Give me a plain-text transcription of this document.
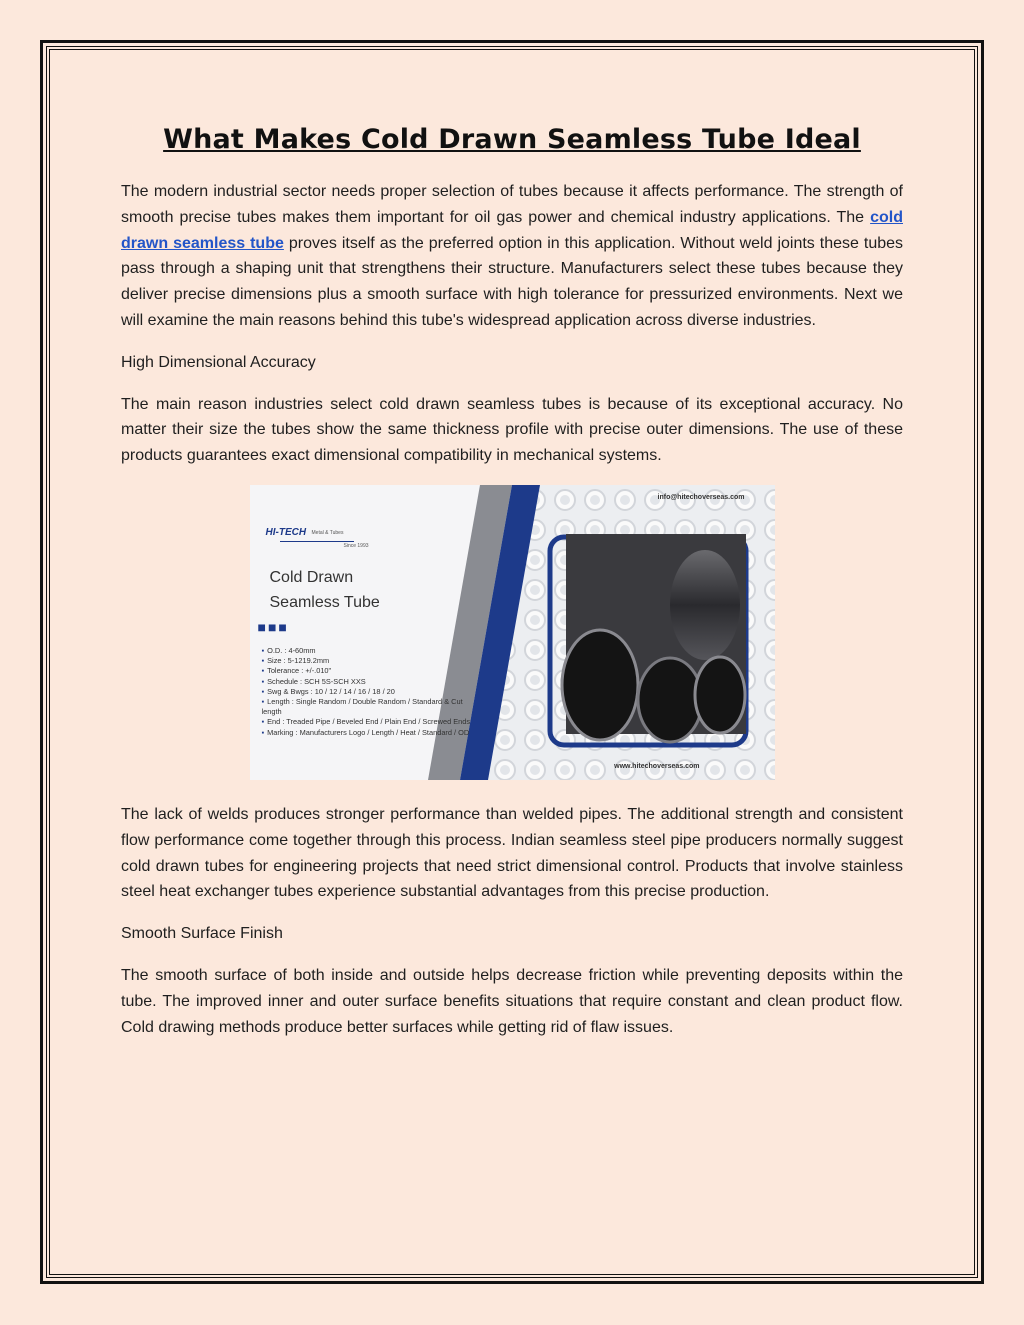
What Makes Cold Drawn Seamless Tube Ideal

The modern industrial sector needs proper selection of tubes because it affects performance. The strength of smooth precise tubes makes them important for oil gas power and chemical industry applications. The cold drawn seamless tube proves itself as the preferred option in this application. Without weld joints these tubes pass through a shaping unit that strengthens their structure. Manufacturers select these tubes because they deliver precise dimensions plus a smooth surface with high tolerance for pressurized environments. Next we will examine the main reasons behind this tube's widespread application across diverse industries.

High Dimensional Accuracy

The main reason industries select cold drawn seamless tubes is because of its exceptional accuracy. No matter their size the tubes show the same thickness profile with precise outer dimensions. The use of these products guarantees exact dimensional compatibility in mechanical systems.

info@hitechoverseas.com
HI-TECH Metal & Tubes
Since 1993
Cold Drawn
Seamless Tube
■■■
▪ O.D. : 4-60mm
▪ Size : 5-1219.2mm
▪ Tolerance : +/-.010"
▪ Schedule : SCH 5S-SCH XXS
▪ Swg & Bwgs : 10 / 12 / 14 / 16 / 18 / 20
▪ Length : Single Random / Double Random / Standard & Cut length
▪ End : Treaded Pipe / Beveled End / Plain End / Screwed Ends
▪ Marking : Manufacturers Logo / Length / Heat / Standard / OD
www.hitechoverseas.com

The lack of welds produces stronger performance than welded pipes. The additional strength and consistent flow performance come together through this process. Indian seamless steel pipe producers normally suggest cold drawn tubes for engineering projects that need strict dimensional control. Products that involve stainless steel heat exchanger tubes experience substantial advantages from this precise production.

Smooth Surface Finish

The smooth surface of both inside and outside helps decrease friction while preventing deposits within the tube. The improved inner and outer surface benefits situations that require constant and clean product flow. Cold drawing methods produce better surfaces while getting rid of flaw issues.
